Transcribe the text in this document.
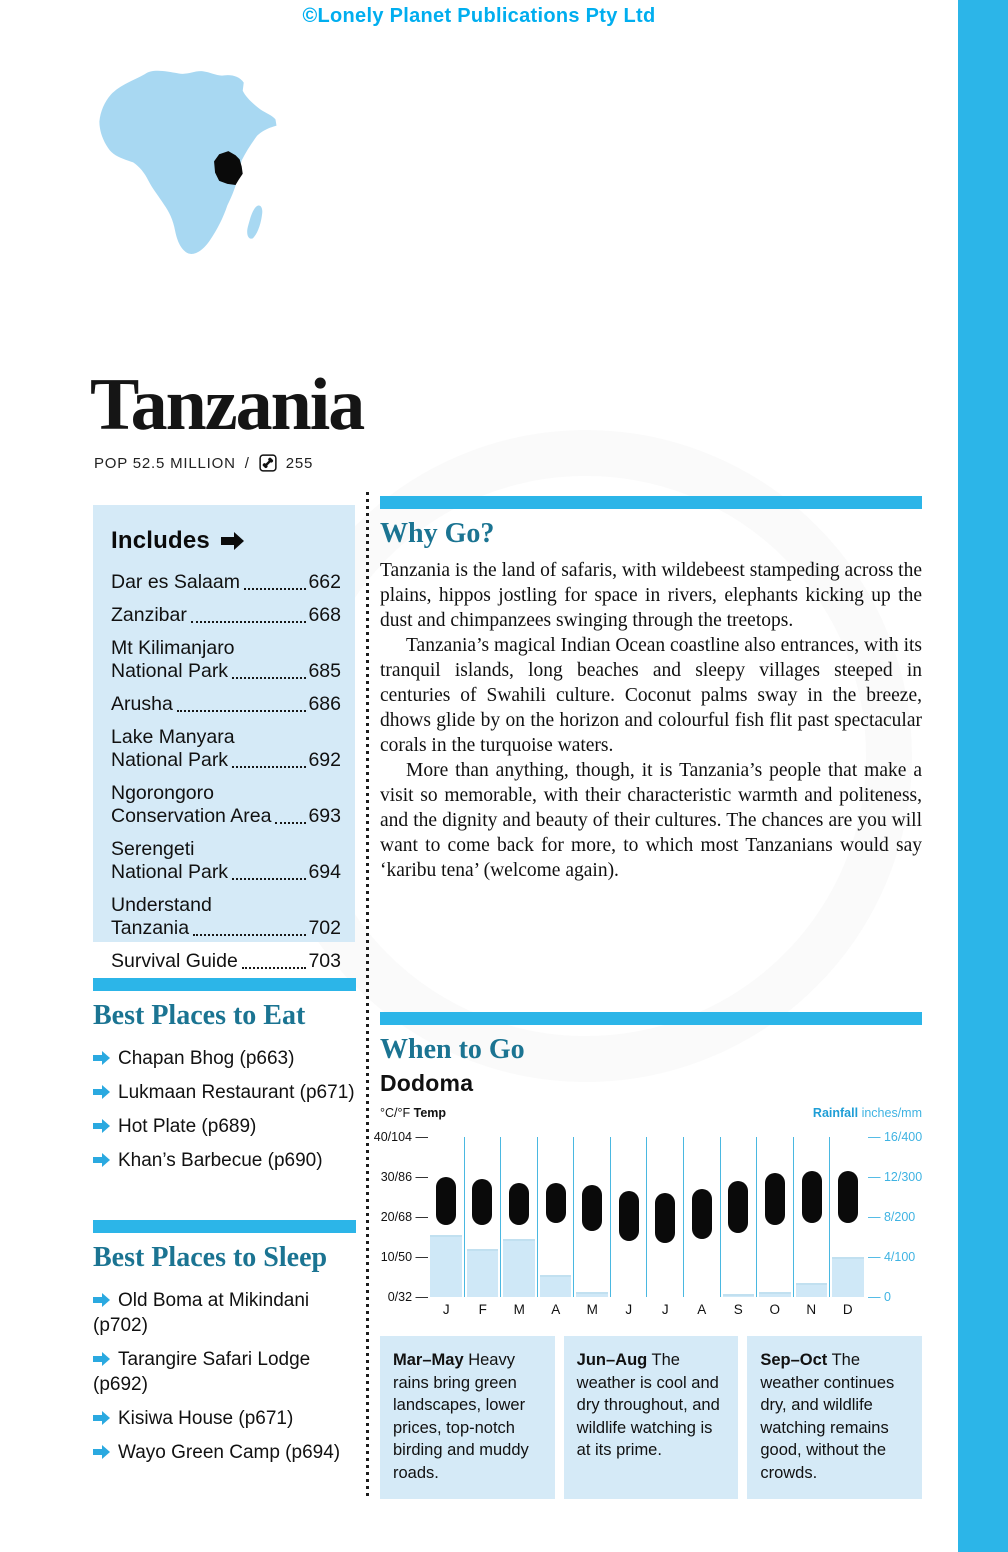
©Lonely Planet Publications Pty Ltd
Tanzania
POP 52.5 MILLION / 255
Includes
Dar es Salaam	662
Zanzibar	668
Mt Kilimanjaro
National Park	685
Arusha	686
Lake Manyara
National Park	692
Ngorongoro
Conservation Area 693
Serengeti
National Park	694
Understand
Tanzania	702
Survival Guide	703
Best Places to Eat
Chapan Bhog (p663)
Lukmaan Restaurant (p671)
Hot Plate (p689)
Khan’s Barbecue (p690)
Best Places to Sleep
Old Boma at Mikindani (p702)
Tarangire Safari Lodge (p692)
Kisiwa House (p671)
Wayo Green Camp (p694)
Why Go?

Tanzania is the land of safaris, with wildebeest stampeding across the plains, hippos jostling for space in rivers, elephants kicking up the dust and chimpanzees swinging through the treetops.

Tanzania’s magical Indian Ocean coastline also entrances, with its tranquil islands, long beaches and sleepy villages steeped in centuries of Swahili culture. Coconut palms sway in the breeze, dhows glide by on the horizon and colourful fish flit past spectacular corals in the turquoise waters.

More than anything, though, it is Tanzania’s people that make a visit so memorable, with their characteristic warmth and politeness, and the dignity and beauty of their cultures. The chances are you will want to come back for more, to which most Tanzanians would say ‘karibu tena’ (welcome again).

When to Go
Dodoma
°C/°F Temp	Rainfall inches/mm
40/104 —
30/86 —
20/68 —
10/50 —
0/32 —
— 16/400
— 12/300
— 8/200
— 4/100
— 0
J	F	M	A	M	J	J	A	S	O	N	D
Mar–May Heavy rains bring green landscapes, lower prices, top-notch birding and muddy roads.
Jun–Aug The weather is cool and dry throughout, and wildlife watching is at its prime.
Sep–Oct The weather continues dry, and wildlife watching remains good, without the crowds.
